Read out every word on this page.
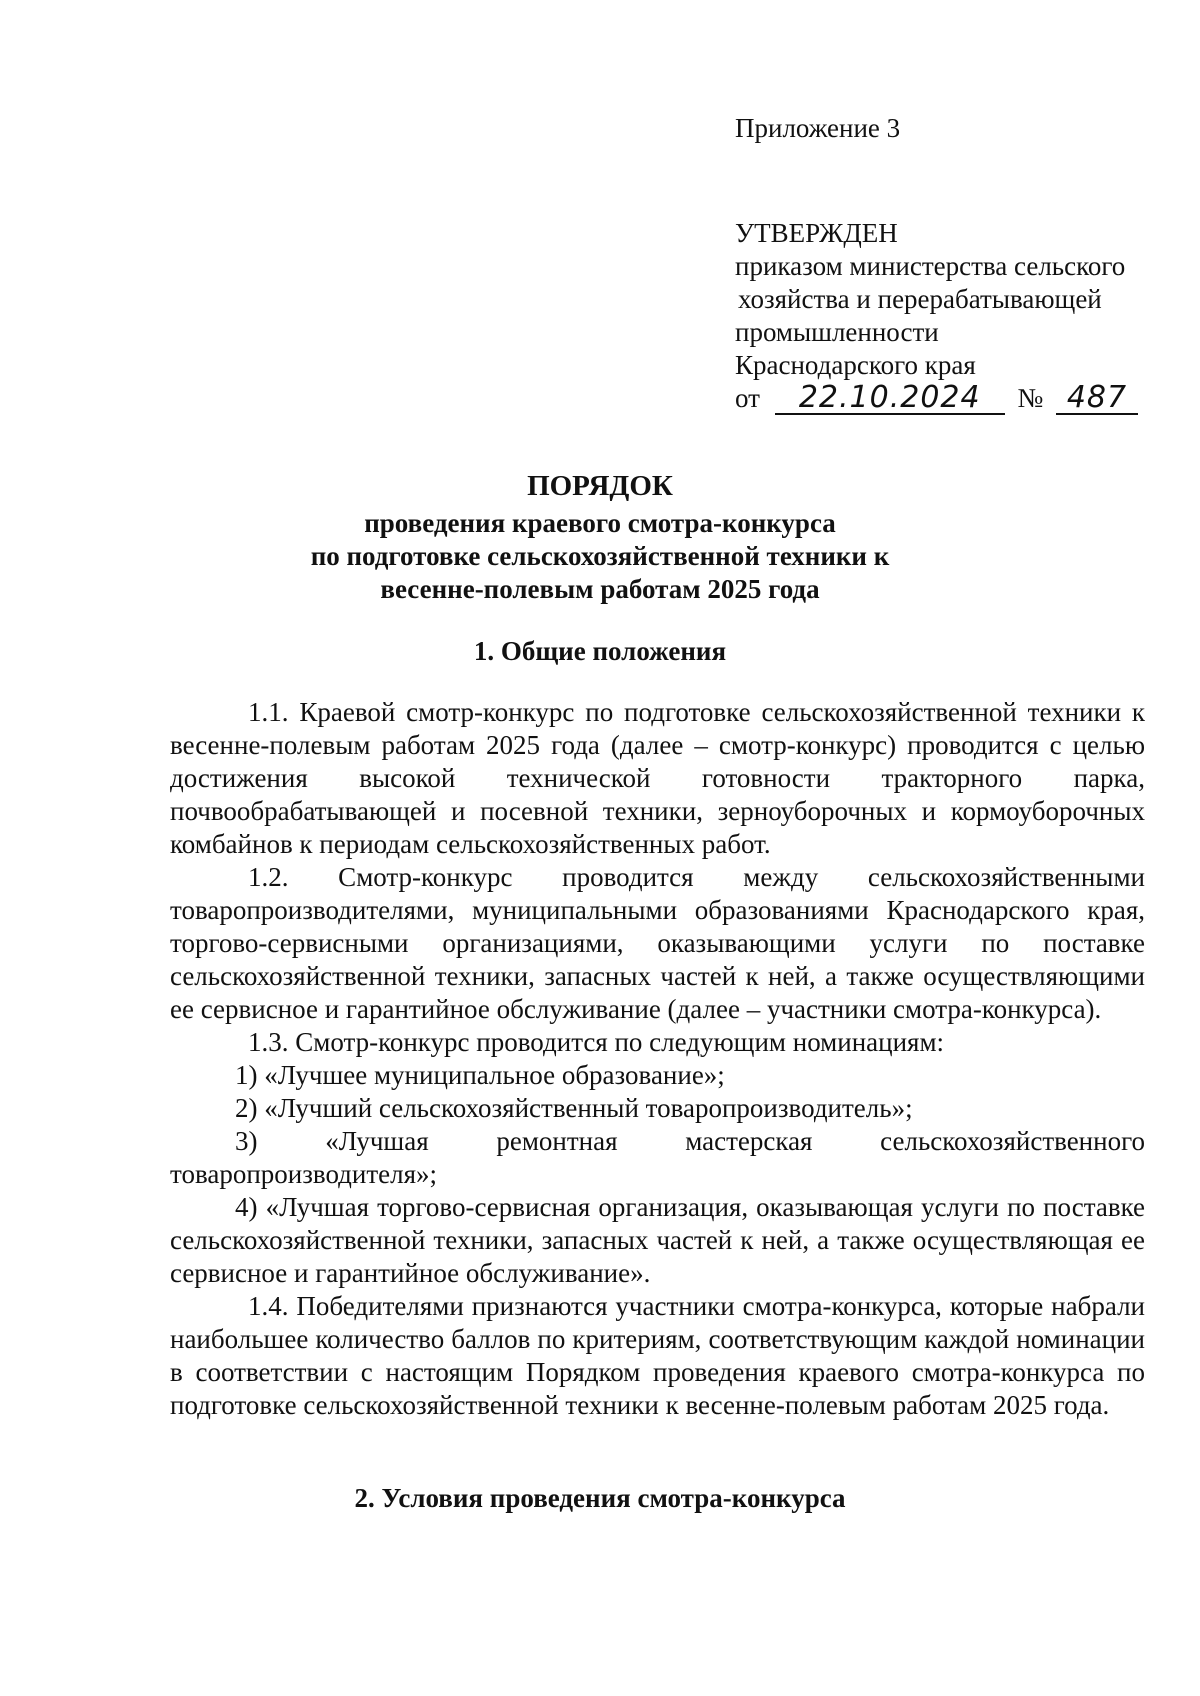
Приложение 3
УТВЕРЖДЕН
приказом министерства сельского
хозяйства и перерабатывающей
промышленности
Краснодарского края
от 22.10.2024 № 487
ПОРЯДОК
проведения краевого смотра-конкурса
по подготовке сельскохозяйственной техники к
весенне-полевым работам 2025 года
1. Общие положения

1.1. Краевой смотр-конкурс по подготовке сельскохозяйственной техники к весенне-полевым работам 2025 года (далее – смотр-конкурс) проводится с целью достижения высокой технической готовности тракторного парка, почвообрабатывающей и посевной техники, зерноуборочных и кормоуборочных комбайнов к периодам сельскохозяйственных работ.

1.2. Смотр-конкурс проводится между сельскохозяйственными товаропроизводителями, муниципальными образованиями Краснодарского края, торгово-сервисными организациями, оказывающими услуги по поставке сельскохозяйственной техники, запасных частей к ней, а также осуществляющими ее сервисное и гарантийное обслуживание (далее – участники смотра-конкурса).

1.3. Смотр-конкурс проводится по следующим номинациям:

1) «Лучшее муниципальное образование»;

2) «Лучший сельскохозяйственный товаропроизводитель»;

3) «Лучшая ремонтная мастерская сельскохозяйственного товаропроизводителя»;

4) «Лучшая торгово-сервисная организация, оказывающая услуги по поставке сельскохозяйственной техники, запасных частей к ней, а также осуществляющая ее сервисное и гарантийное обслуживание».

1.4. Победителями признаются участники смотра-конкурса, которые набрали наибольшее количество баллов по критериям, соответствующим каждой номинации в соответствии с настоящим Порядком проведения краевого смотра-конкурса по подготовке сельскохозяйственной техники к весенне-полевым работам 2025 года.

2. Условия проведения смотра-конкурса
